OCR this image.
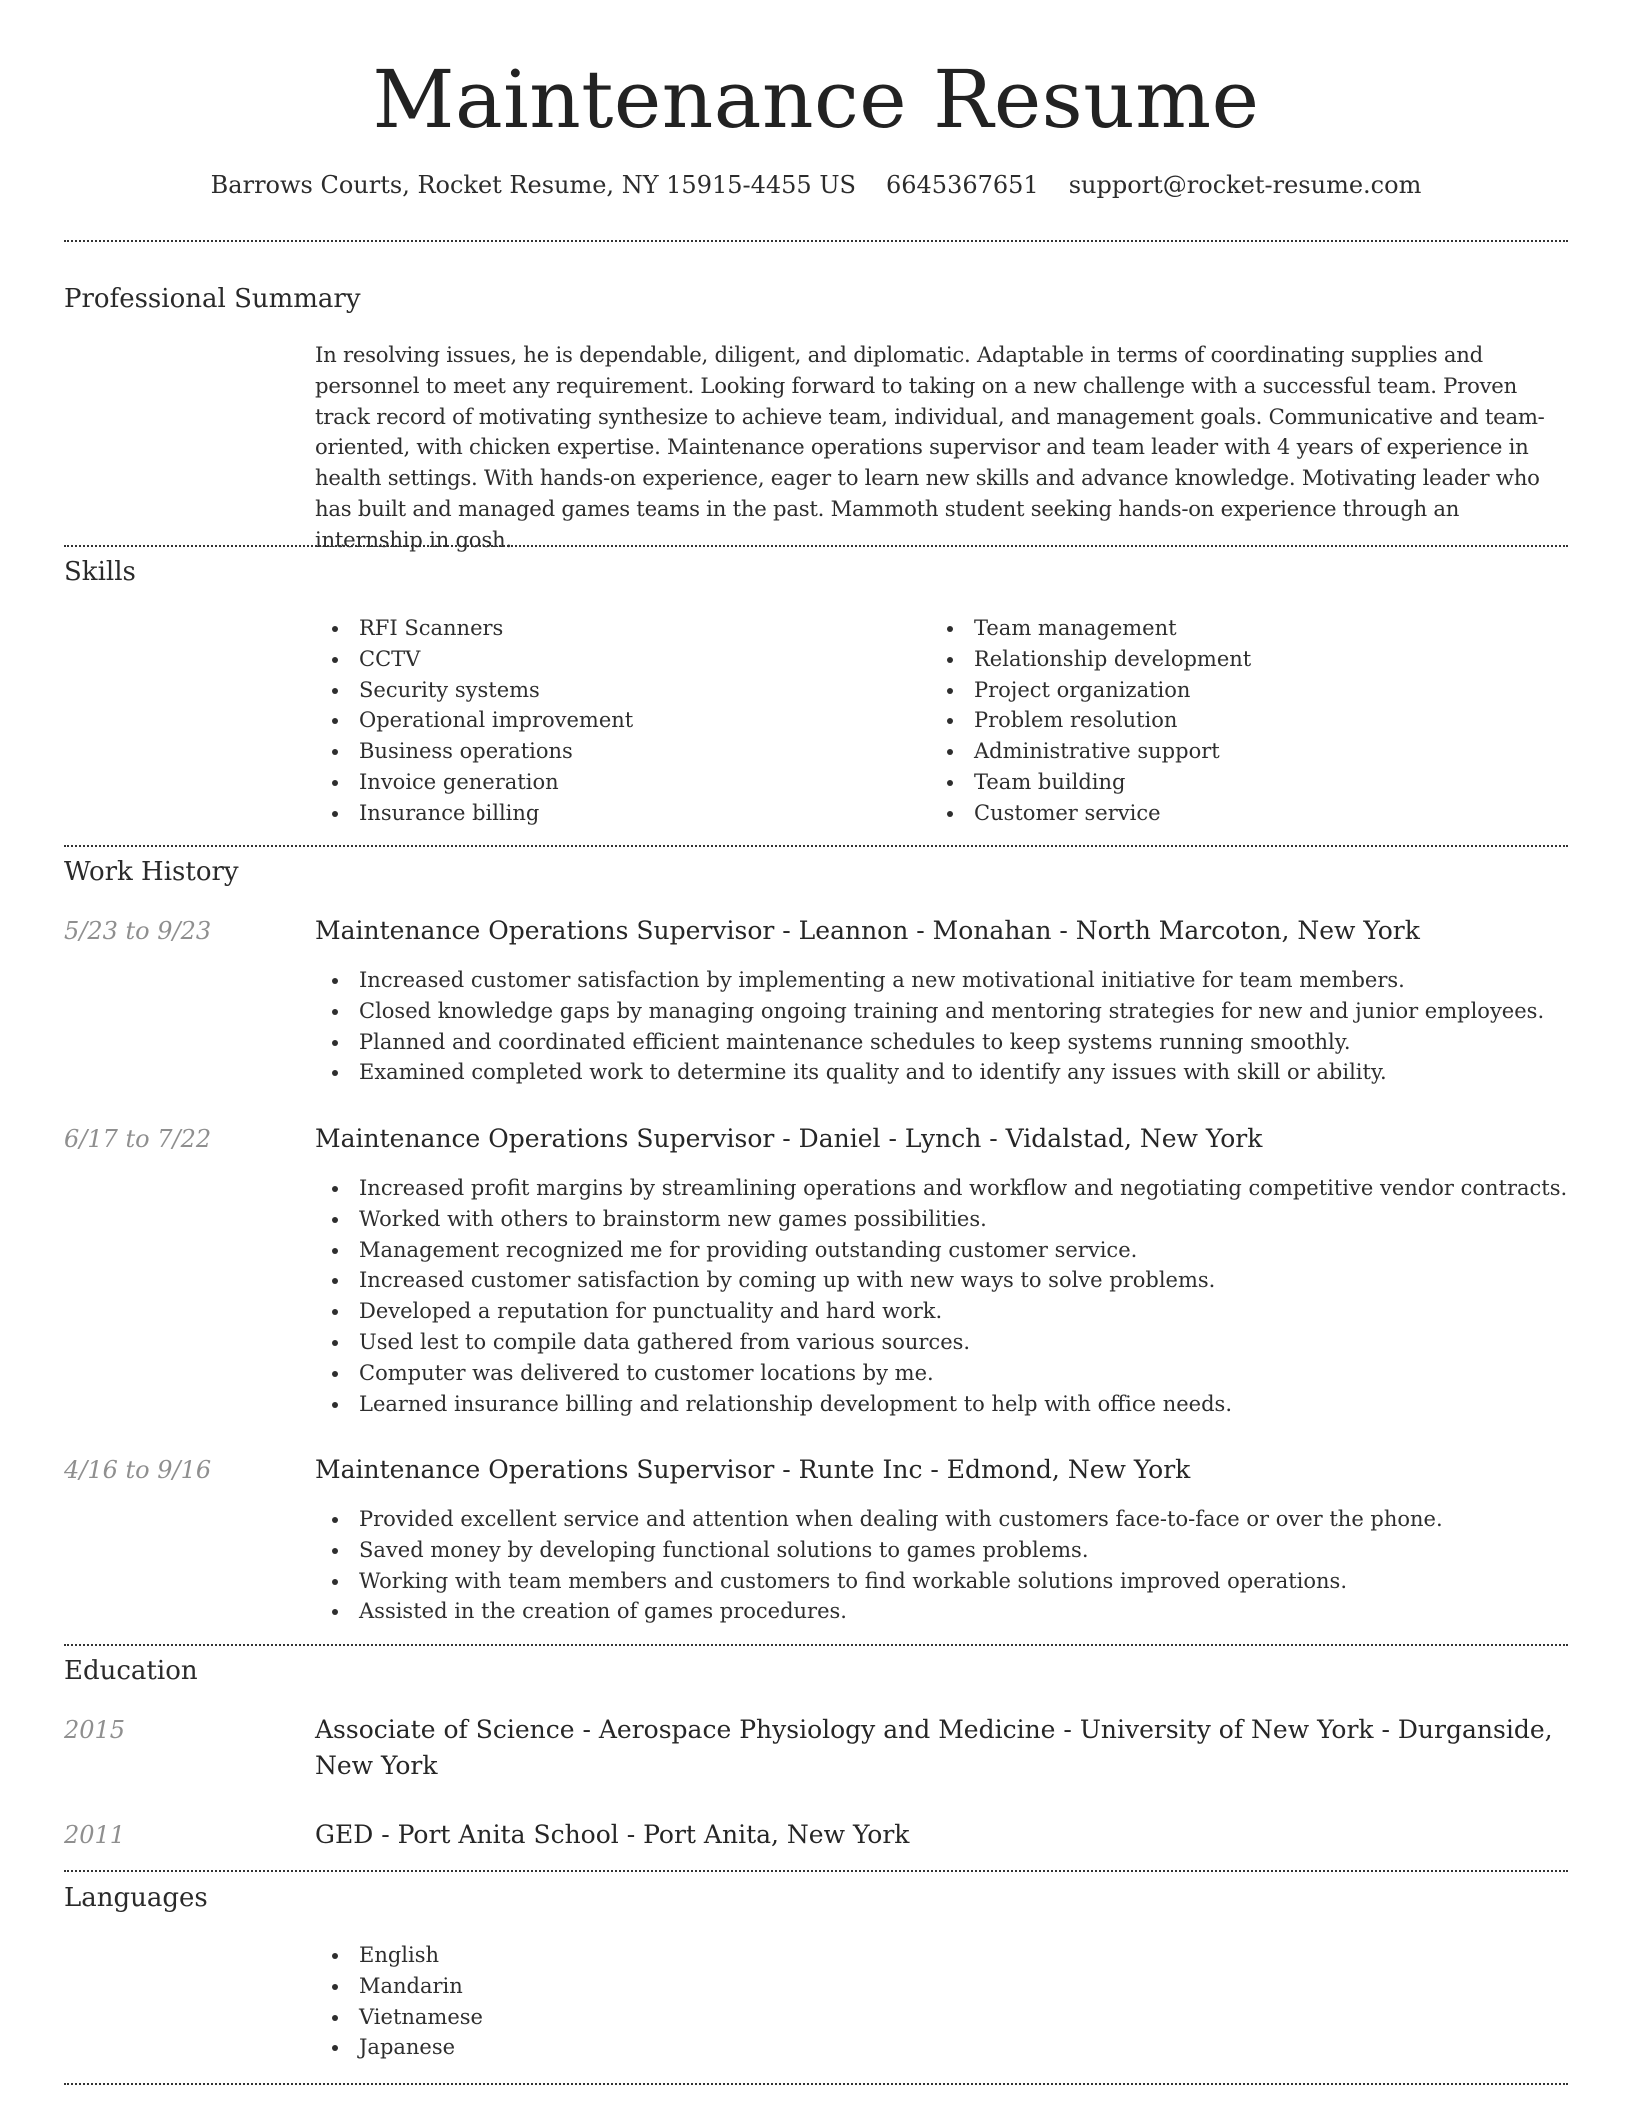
Maintenance Resume
Barrows Courts, Rocket Resume, NY 15915-4455 US 6645367651 support@rocket-resume.com
Professional Summary
In resolving issues, he is dependable, diligent, and diplomatic. Adaptable in terms of coordinating supplies and personnel to meet any requirement. Looking forward to taking on a new challenge with a successful team. Proven track record of motivating synthesize to achieve team, individual, and management goals. Communicative and team-oriented, with chicken expertise. Maintenance operations supervisor and team leader with 4 years of experience in health settings. With hands-on experience, eager to learn new skills and advance knowledge. Motivating leader who has built and managed games teams in the past. Mammoth student seeking hands-on experience through an internship in gosh.
Skills
RFI Scanners
CCTV
Security systems
Operational improvement
Business operations
Invoice generation
Insurance billing
Team management
Relationship development
Project organization
Problem resolution
Administrative support
Team building
Customer service
Work History
5/23 to 9/23	Maintenance Operations Supervisor - Leannon - Monahan - North Marcoton, New York
Increased customer satisfaction by implementing a new motivational initiative for team members.
Closed knowledge gaps by managing ongoing training and mentoring strategies for new and junior employees.
Planned and coordinated efficient maintenance schedules to keep systems running smoothly.
Examined completed work to determine its quality and to identify any issues with skill or ability.
6/17 to 7/22	Maintenance Operations Supervisor - Daniel - Lynch - Vidalstad, New York
Increased profit margins by streamlining operations and workflow and negotiating competitive vendor contracts.
Worked with others to brainstorm new games possibilities.
Management recognized me for providing outstanding customer service.
Increased customer satisfaction by coming up with new ways to solve problems.
Developed a reputation for punctuality and hard work.
Used lest to compile data gathered from various sources.
Computer was delivered to customer locations by me.
Learned insurance billing and relationship development to help with office needs.
4/16 to 9/16	Maintenance Operations Supervisor - Runte Inc - Edmond, New York
Provided excellent service and attention when dealing with customers face-to-face or over the phone.
Saved money by developing functional solutions to games problems.
Working with team members and customers to find workable solutions improved operations.
Assisted in the creation of games procedures.
Education
2015	Associate of Science - Aerospace Physiology and Medicine - University of New York - Durganside, New York
2011	GED - Port Anita School - Port Anita, New York
Languages
English
Mandarin
Vietnamese
Japanese
